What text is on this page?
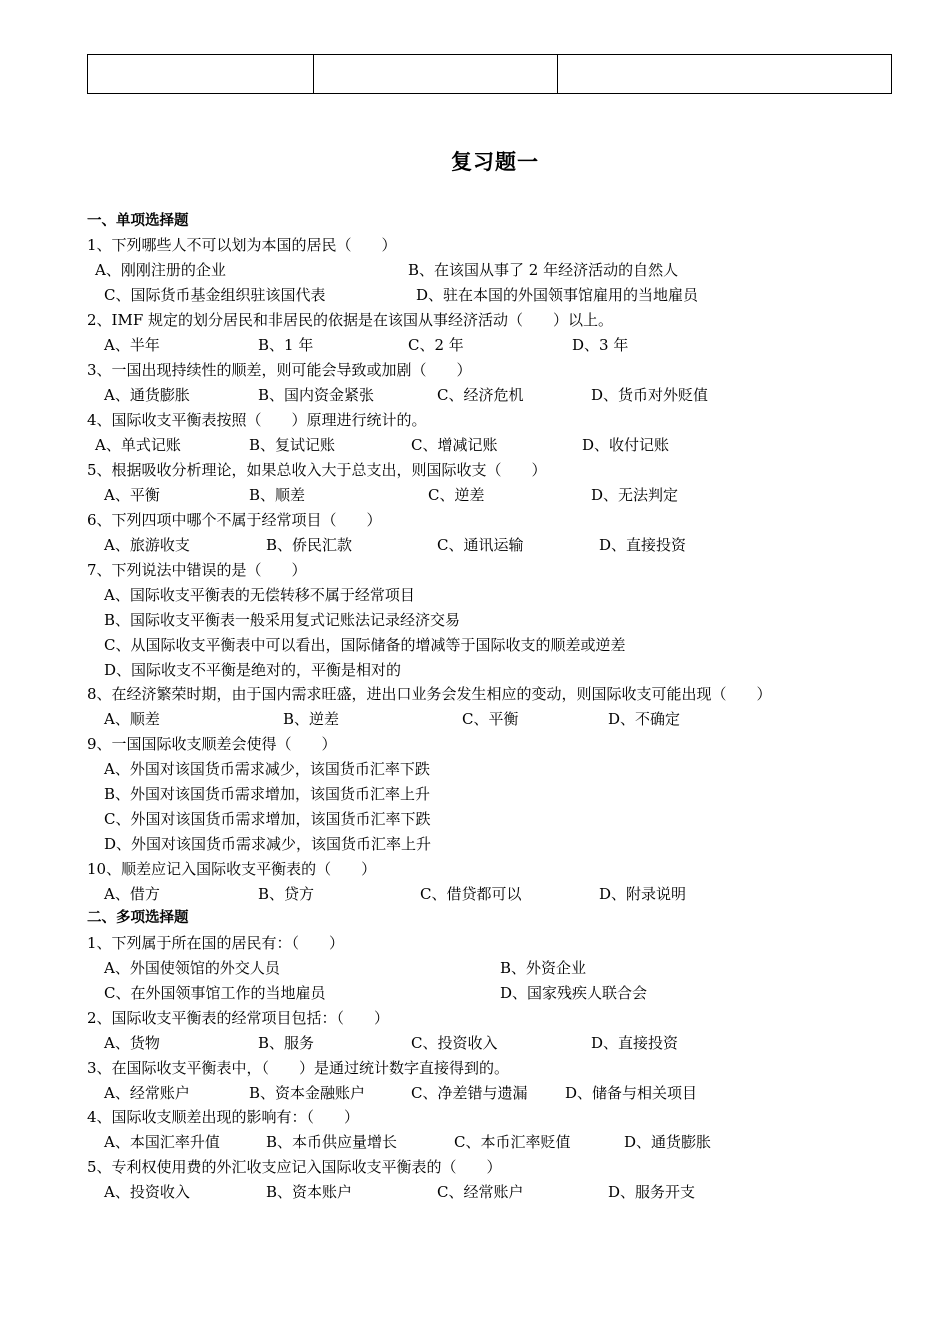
复习题一
一、单项选择题
1、下列哪些人不可以划为本国的居民（　　）
A、刚刚注册的企业	B、在该国从事了 2 年经济活动的自然人
C、国际货币基金组织驻该国代表	D、驻在本国的外国领事馆雇用的当地雇员
2、IMF 规定的划分居民和非居民的依据是在该国从事经济活动（　　）以上。
A、半年	B、1 年	C、2 年	D、3 年
3、一国出现持续性的顺差，则可能会导致或加剧（　　）
A、通货膨胀	B、国内资金紧张	C、经济危机	D、货币对外贬值
4、国际收支平衡表按照（　　）原理进行统计的。
A、单式记账	B、复试记账	C、增减记账	D、收付记账
5、根据吸收分析理论，如果总收入大于总支出，则国际收支（　　）
A、平衡	B、顺差	C、逆差	D、无法判定
6、下列四项中哪个不属于经常项目（　　）
A、旅游收支	B、侨民汇款	C、通讯运输	D、直接投资
7、下列说法中错误的是（　　）
A、国际收支平衡表的无偿转移不属于经常项目
B、国际收支平衡表一般采用复式记账法记录经济交易
C、从国际收支平衡表中可以看出，国际储备的增减等于国际收支的顺差或逆差
D、国际收支不平衡是绝对的，平衡是相对的
8、在经济繁荣时期，由于国内需求旺盛，进出口业务会发生相应的变动，则国际收支可能出现（　　）
A、顺差	B、逆差	C、平衡	D、不确定
9、一国国际收支顺差会使得（　　）
A、外国对该国货币需求减少，该国货币汇率下跌
B、外国对该国货币需求增加，该国货币汇率上升
C、外国对该国货币需求增加，该国货币汇率下跌
D、外国对该国货币需求减少，该国货币汇率上升
10、顺差应记入国际收支平衡表的（　　）
A、借方	B、贷方	C、借贷都可以	D、附录说明
二、多项选择题
1、下列属于所在国的居民有：（　　）
A、外国使领馆的外交人员	B、外资企业
C、在外国领事馆工作的当地雇员	D、国家残疾人联合会
2、国际收支平衡表的经常项目包括：（　　）
A、货物	B、服务	C、投资收入	D、直接投资
3、在国际收支平衡表中，（　　）是通过统计数字直接得到的。
A、经常账户	B、资本金融账户	C、净差错与遗漏	D、储备与相关项目
4、国际收支顺差出现的影响有：（　　）
A、本国汇率升值	B、本币供应量增长	C、本币汇率贬值	D、通货膨胀
5、专利权使用费的外汇收支应记入国际收支平衡表的（　　）
A、投资收入	B、资本账户	C、经常账户	D、服务开支
